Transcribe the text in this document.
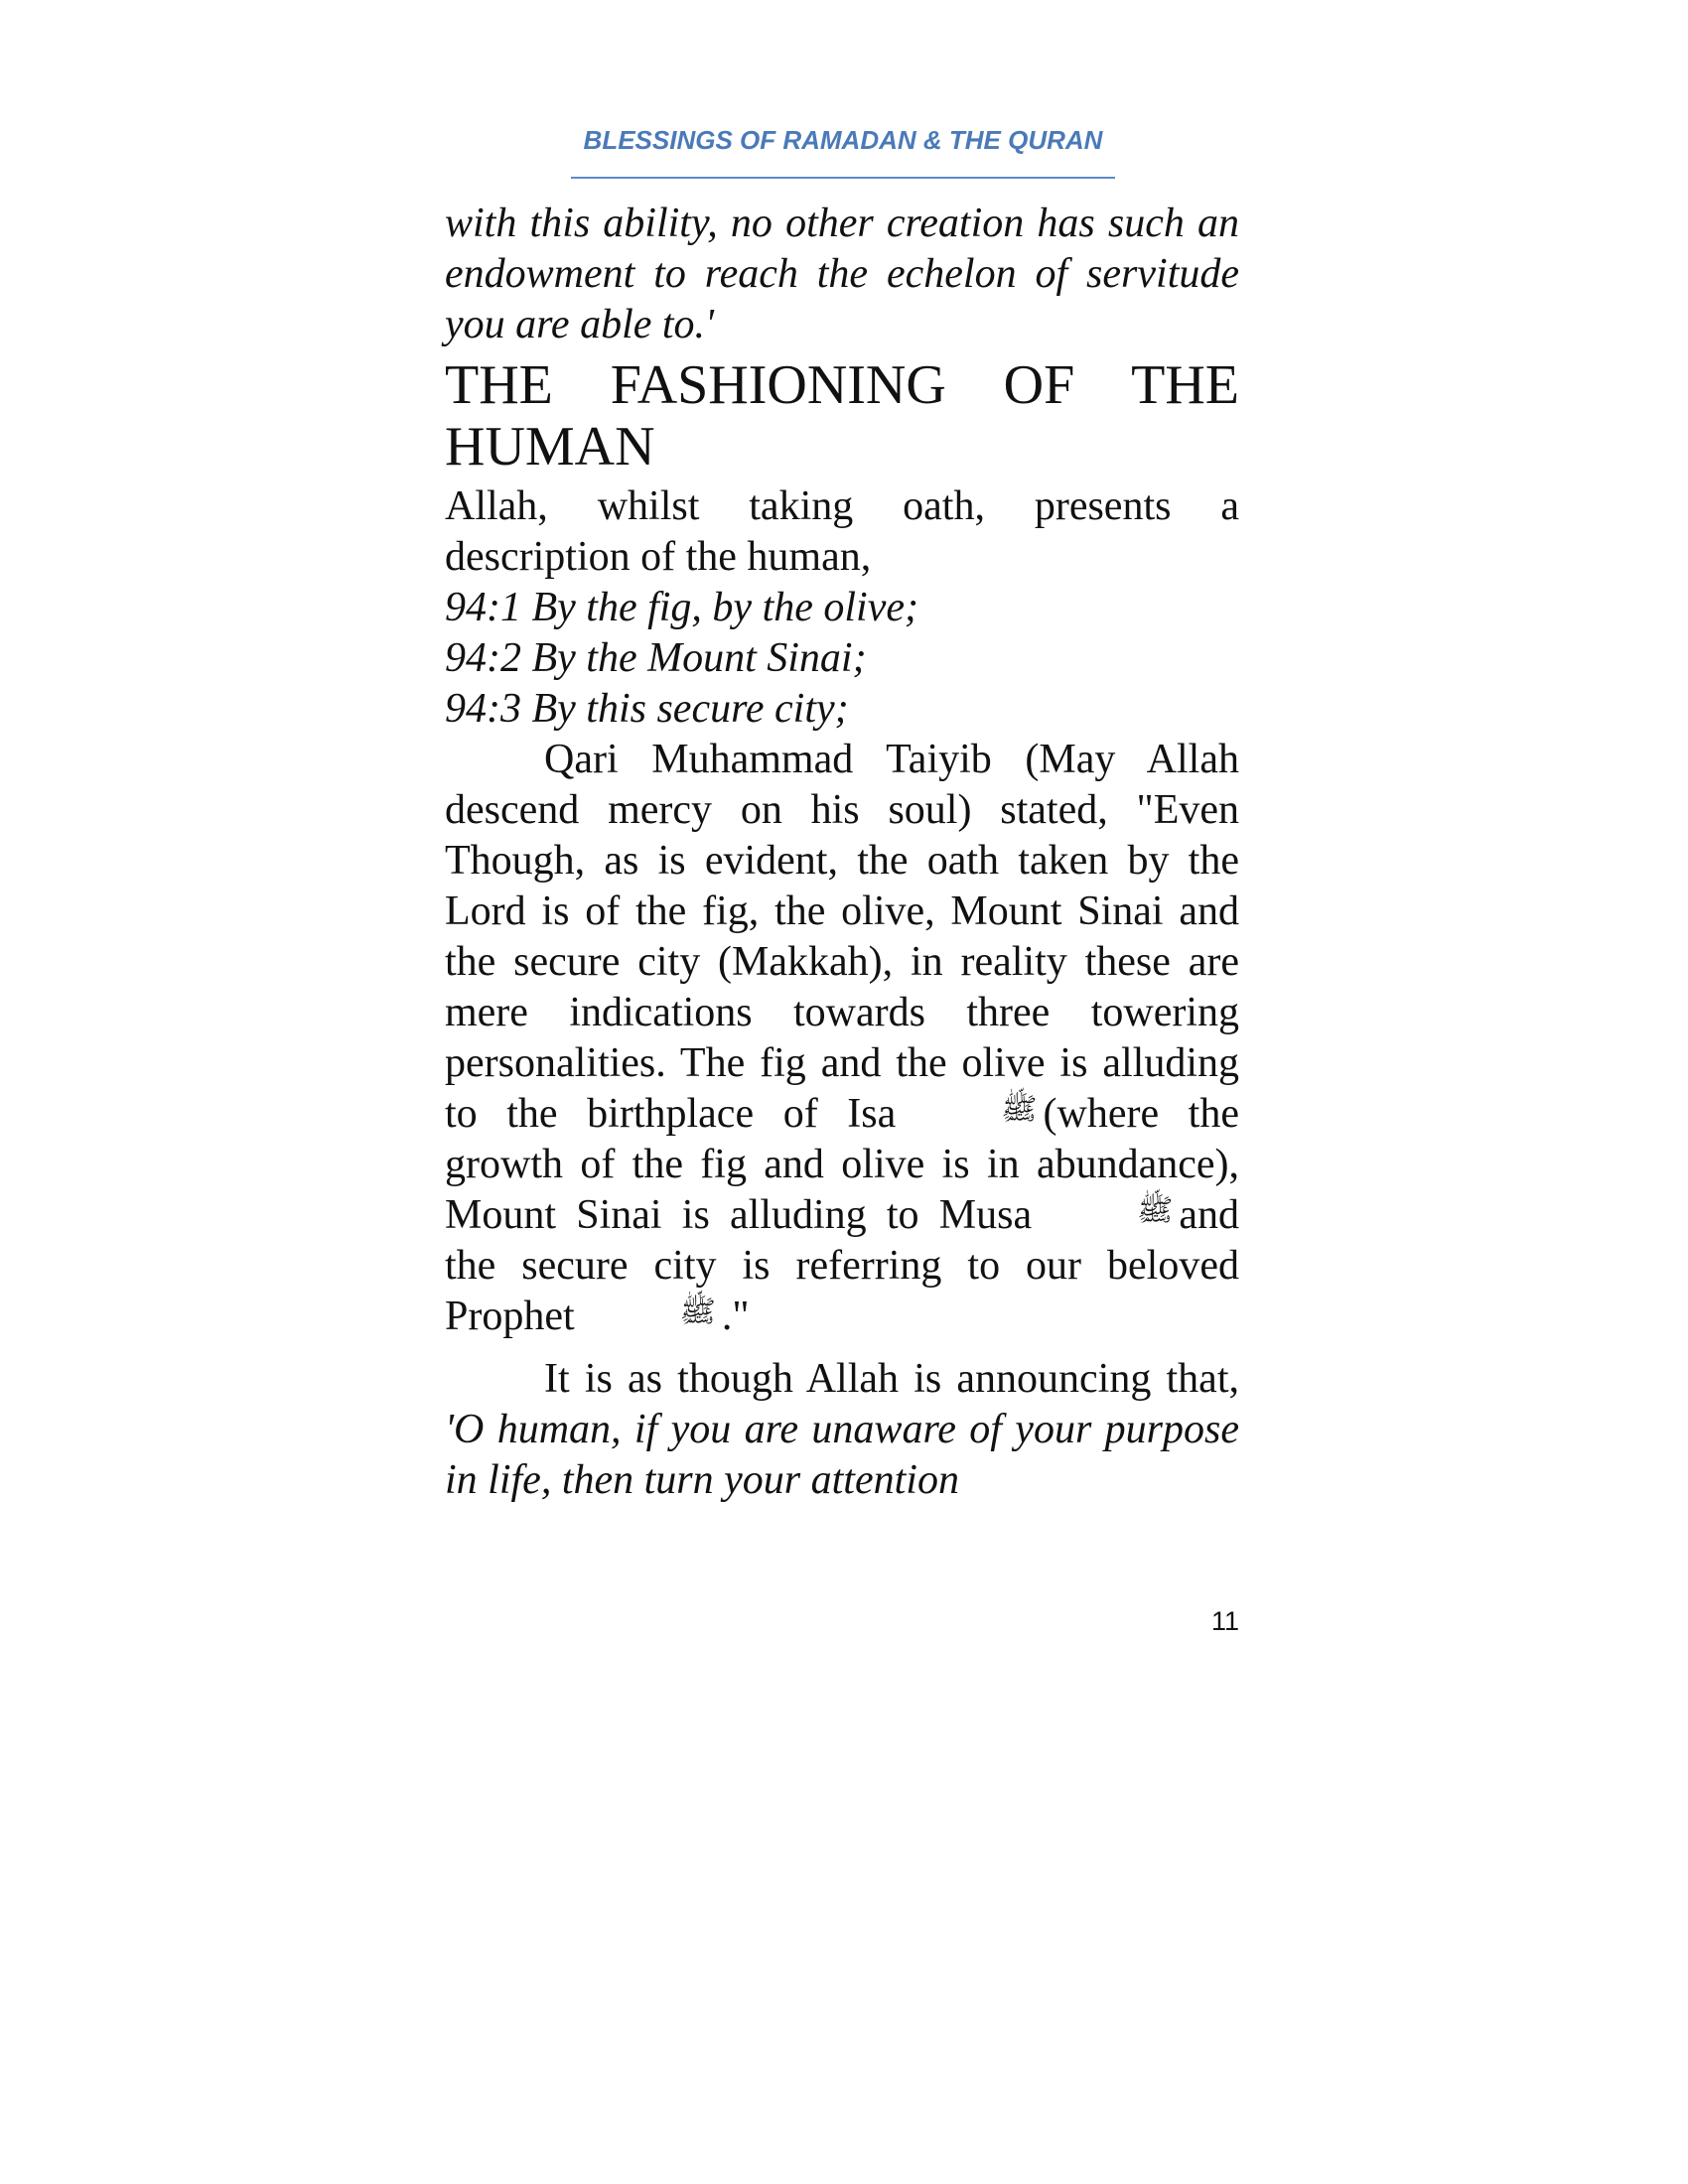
BLESSINGS OF RAMADAN & THE QURAN

with this ability, no other creation has such an endowment to reach the echelon of servitude you are able to.'

THE FASHIONING OF THE HUMAN

Allah, whilst taking oath, presents a description of the human,

94:1 By the fig, by the olive;
94:2 By the Mount Sinai;
94:3 By this secure city;

Qari Muhammad Taiyib (May Allah descend mercy on his soul) stated, "Even Though, as is evident, the oath taken by the Lord is of the fig, the olive, Mount Sinai and the secure city (Makkah), in reality these are mere indications towards three towering personalities. The fig and the olive is alluding to the birthplace of Isa	ﷺ (where the growth of the fig and olive is in abundance), Mount Sinai is alluding to Musa	ﷺ and the secure city is referring to our beloved Prophet	ﷺ ."

It is as though Allah is announcing that, 'O human, if you are unaware of your purpose in life, then turn your attention

11
